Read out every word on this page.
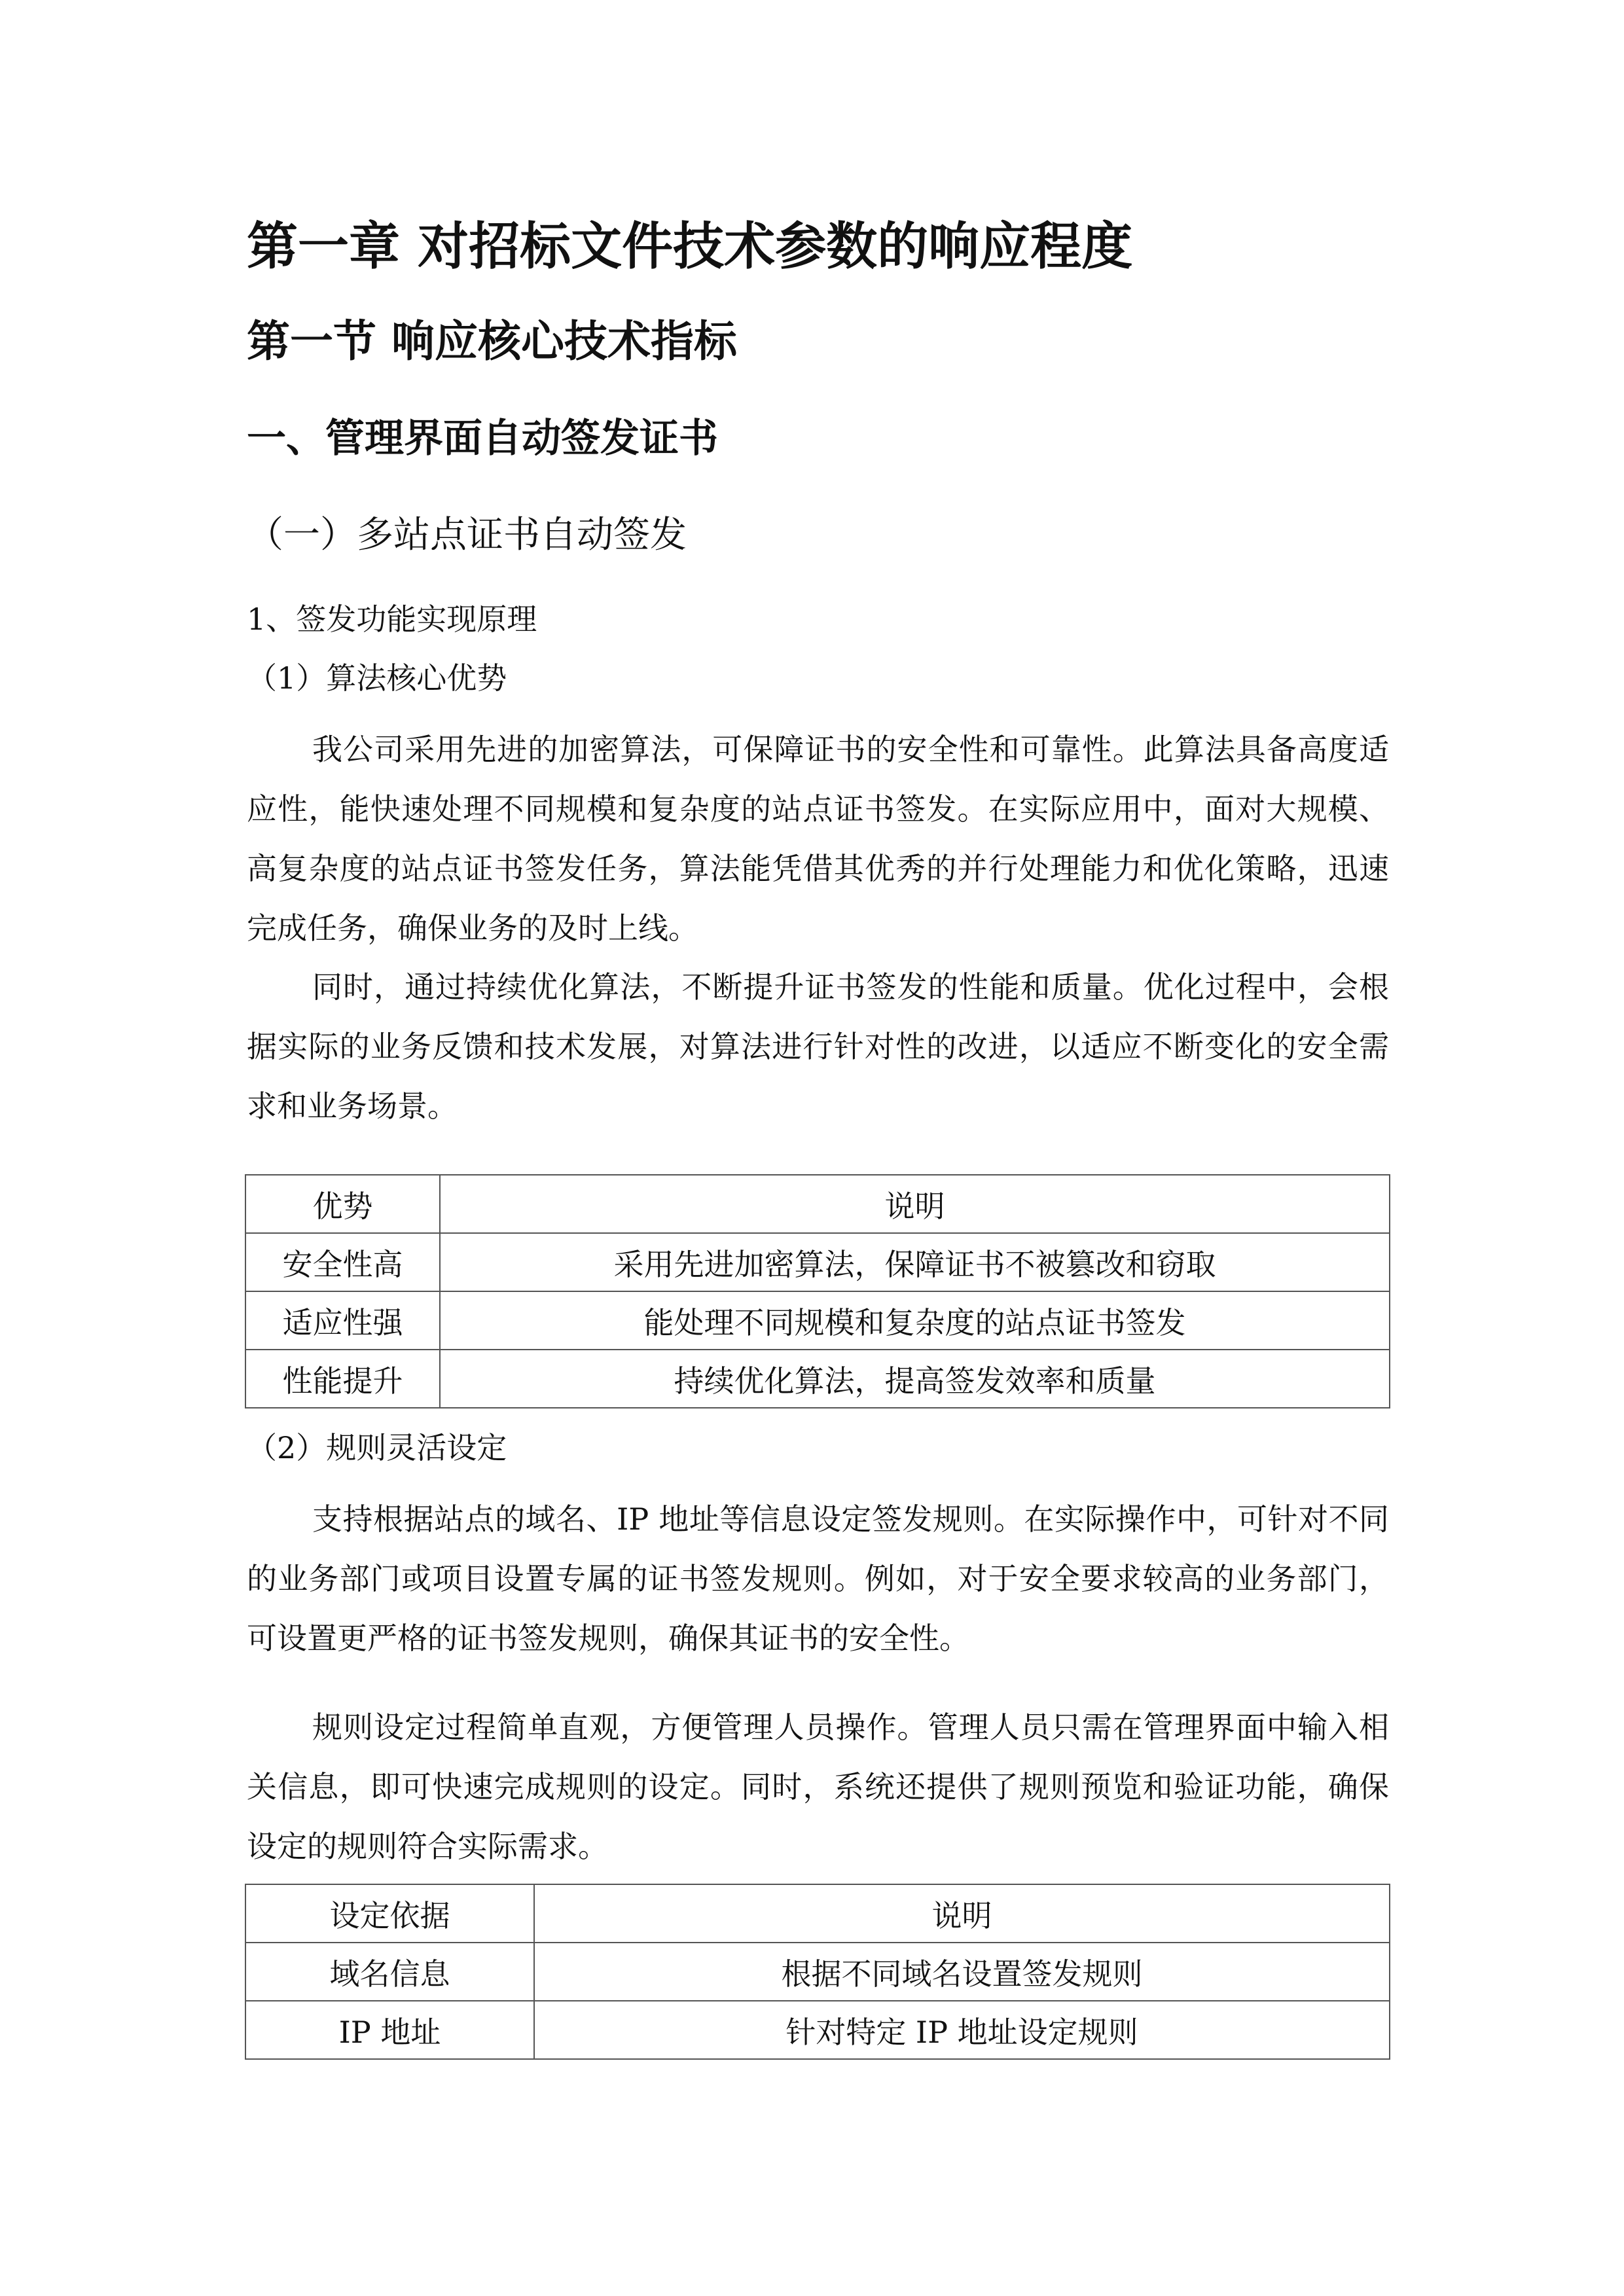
第一章 对招标文件技术参数的响应程度
第一节 响应核心技术指标
一、管理界面自动签发证书
（一）多站点证书自动签发
1、签发功能实现原理
（1）算法核心优势
我公司采用先进的加密算法，可保障证书的安全性和可靠性。此算法具备高度适应性，能快速处理不同规模和复杂度的站点证书签发。在实际应用中，面对大规模、高复杂度的站点证书签发任务，算法能凭借其优秀的并行处理能力和优化策略，迅速完成任务，确保业务的及时上线。
同时，通过持续优化算法，不断提升证书签发的性能和质量。优化过程中，会根据实际的业务反馈和技术发展，对算法进行针对性的改进，以适应不断变化的安全需求和业务场景。
优势	说明
安全性高	采用先进加密算法，保障证书不被篡改和窃取
适应性强	能处理不同规模和复杂度的站点证书签发
性能提升	持续优化算法，提高签发效率和质量
（2）规则灵活设定
支持根据站点的域名、IP 地址等信息设定签发规则。在实际操作中，可针对不同的业务部门或项目设置专属的证书签发规则。例如，对于安全要求较高的业务部门，可设置更严格的证书签发规则，确保其证书的安全性。
规则设定过程简单直观，方便管理人员操作。管理人员只需在管理界面中输入相关信息，即可快速完成规则的设定。同时，系统还提供了规则预览和验证功能，确保设定的规则符合实际需求。
设定依据	说明
域名信息	根据不同域名设置签发规则
IP 地址	针对特定 IP 地址设定规则
